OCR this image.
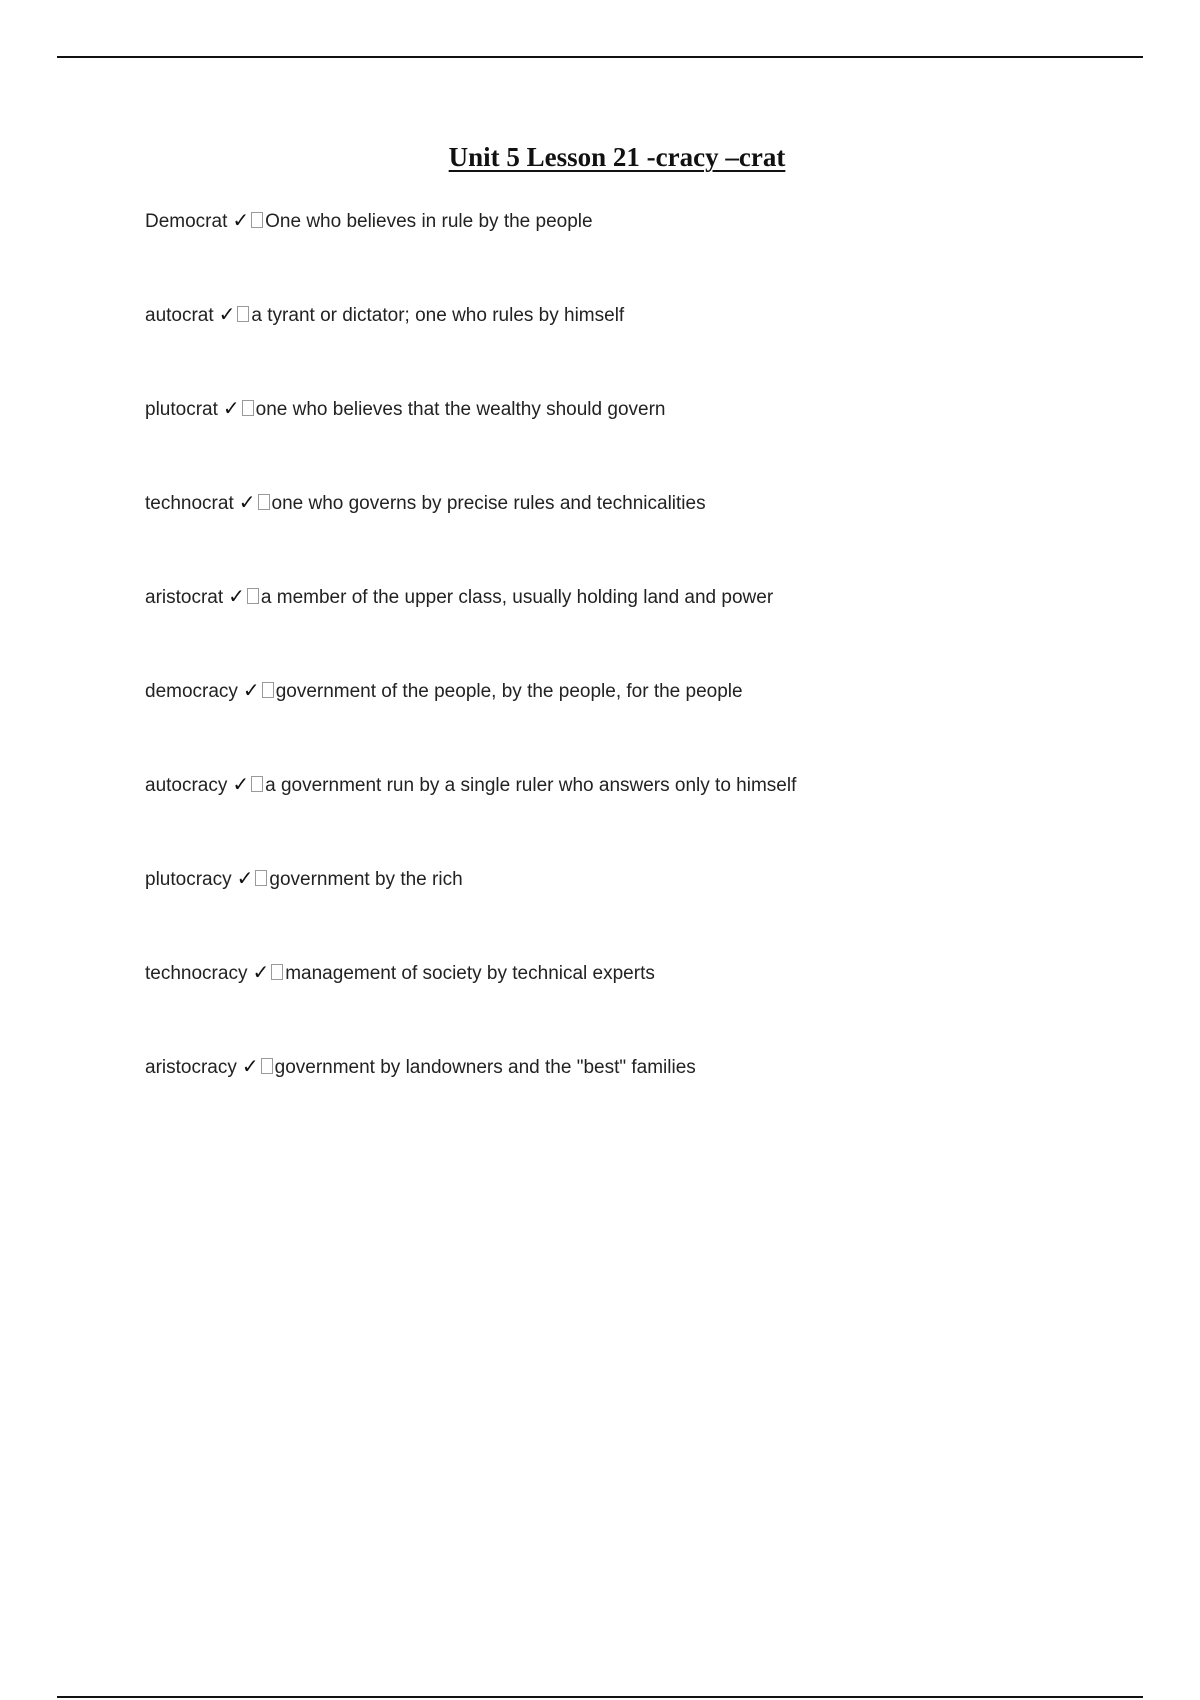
Unit 5 Lesson 21 -cracy –crat
Democrat ✓ One who believes in rule by the people
autocrat ✓ a tyrant or dictator; one who rules by himself
plutocrat ✓ one who believes that the wealthy should govern
technocrat ✓ one who governs by precise rules and technicalities
aristocrat ✓ a member of the upper class, usually holding land and power
democracy ✓ government of the people, by the people, for the people
autocracy ✓ a government run by a single ruler who answers only to himself
plutocracy ✓ government by the rich
technocracy ✓ management of society by technical experts
aristocracy ✓ government by landowners and the "best" families
